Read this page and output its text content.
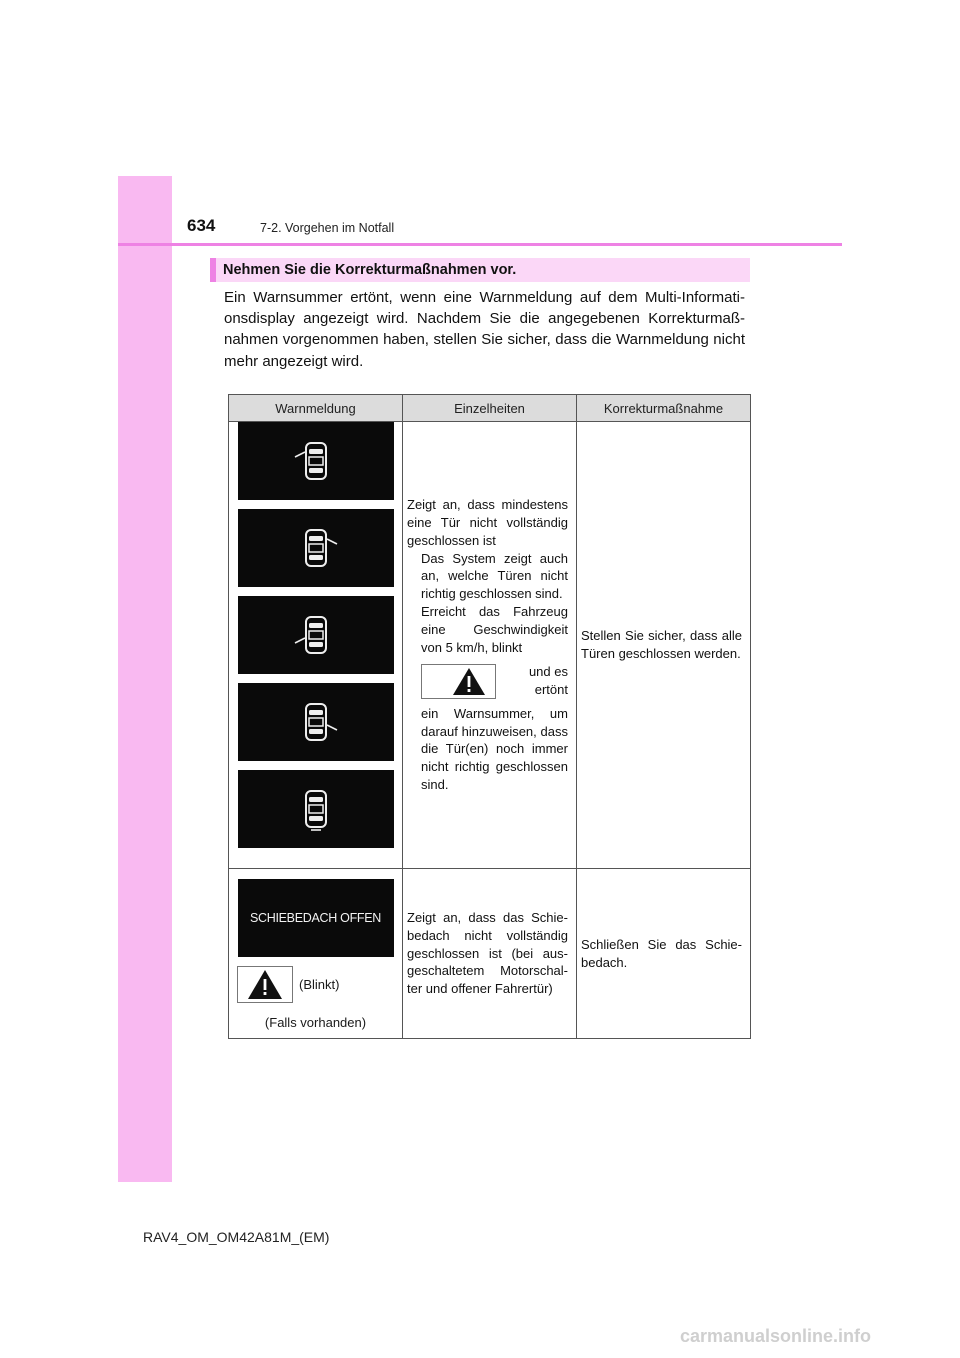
634	7-2. Vorgehen im Notfall
Nehmen Sie die Korrekturmaßnahmen vor.
Ein Warnsummer ertönt, wenn eine Warnmeldung auf dem Multi-Informati-onsdisplay angezeigt wird. Nachdem Sie die angegebenen Korrekturmaß-nahmen vorgenommen haben, stellen Sie sicher, dass die Warnmeldung nicht mehr angezeigt wird.
Warnmeldung	Einzelheiten	Korrekturmaßnahme

Zeigt an, dass mindestens eine Tür nicht vollständig geschlossen ist
Das System zeigt auch an, welche Türen nicht richtig geschlossen sind.
Erreicht das Fahrzeug eine Geschwindigkeit von 5 km/h, blinkt
und es ertönt
ein Warnsummer, um darauf hinzuweisen, dass die Tür(en) noch immer nicht richtig geschlossen sind.	Stellen Sie sicher, dass alle Türen geschlossen werden.

SCHIEBEDACH OFFEN
(Blinkt)
(Falls vorhanden)	Zeigt an, dass das Schie-bedach nicht vollständig geschlossen ist (bei aus-geschaltetem Motorschal-ter und offener Fahrertür)	Schließen Sie das Schie-bedach.
RAV4_OM_OM42A81M_(EM)
carmanualsonline.info
